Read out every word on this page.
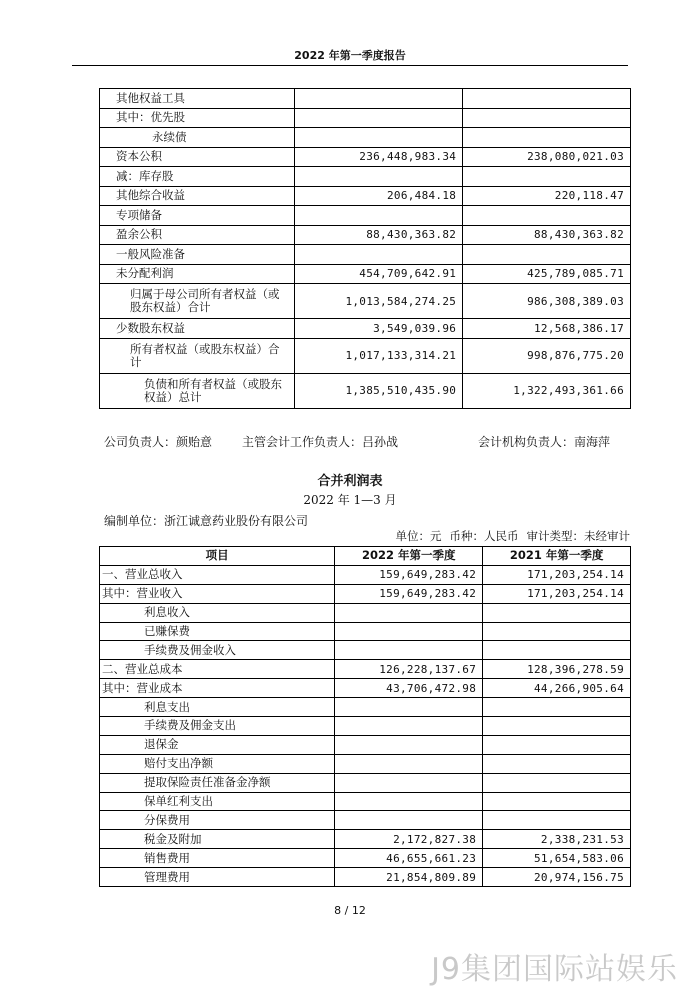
2022 年第一季度报告
其他权益工具		
其中：优先股		
永续债		
资本公积	236,448,983.34	238,080,021.03
减：库存股		
其他综合收益	206,484.18	220,118.47
专项储备		
盈余公积	88,430,363.82	88,430,363.82
一般风险准备		
未分配利润	454,709,642.91	425,789,085.71
归属于母公司所有者权益（或股东权益）合计	1,013,584,274.25	986,308,389.03
少数股东权益	3,549,039.96	12,568,386.17
所有者权益（或股东权益）合计	1,017,133,314.21	998,876,775.20
负债和所有者权益（或股东权益）总计	1,385,510,435.90	1,322,493,361.66
公司负责人：颜贻意 主管会计工作负责人：吕孙战	会计机构负责人：南海萍
合并利润表
2022 年 1—3 月
编制单位：浙江诚意药业股份有限公司
单位：元 币种：人民币 审计类型：未经审计
项目	2022 年第一季度	2021 年第一季度
一、营业总收入	159,649,283.42	171,203,254.14
其中：营业收入	159,649,283.42	171,203,254.14
利息收入		
已赚保费		
手续费及佣金收入		
二、营业总成本	126,228,137.67	128,396,278.59
其中：营业成本	43,706,472.98	44,266,905.64
利息支出		
手续费及佣金支出		
退保金		
赔付支出净额		
提取保险责任准备金净额		
保单红利支出		
分保费用		
税金及附加	2,172,827.38	2,338,231.53
销售费用	46,655,661.23	51,654,583.06
管理费用	21,854,809.89	20,974,156.75
8 / 12
J9集团国际站娱乐
